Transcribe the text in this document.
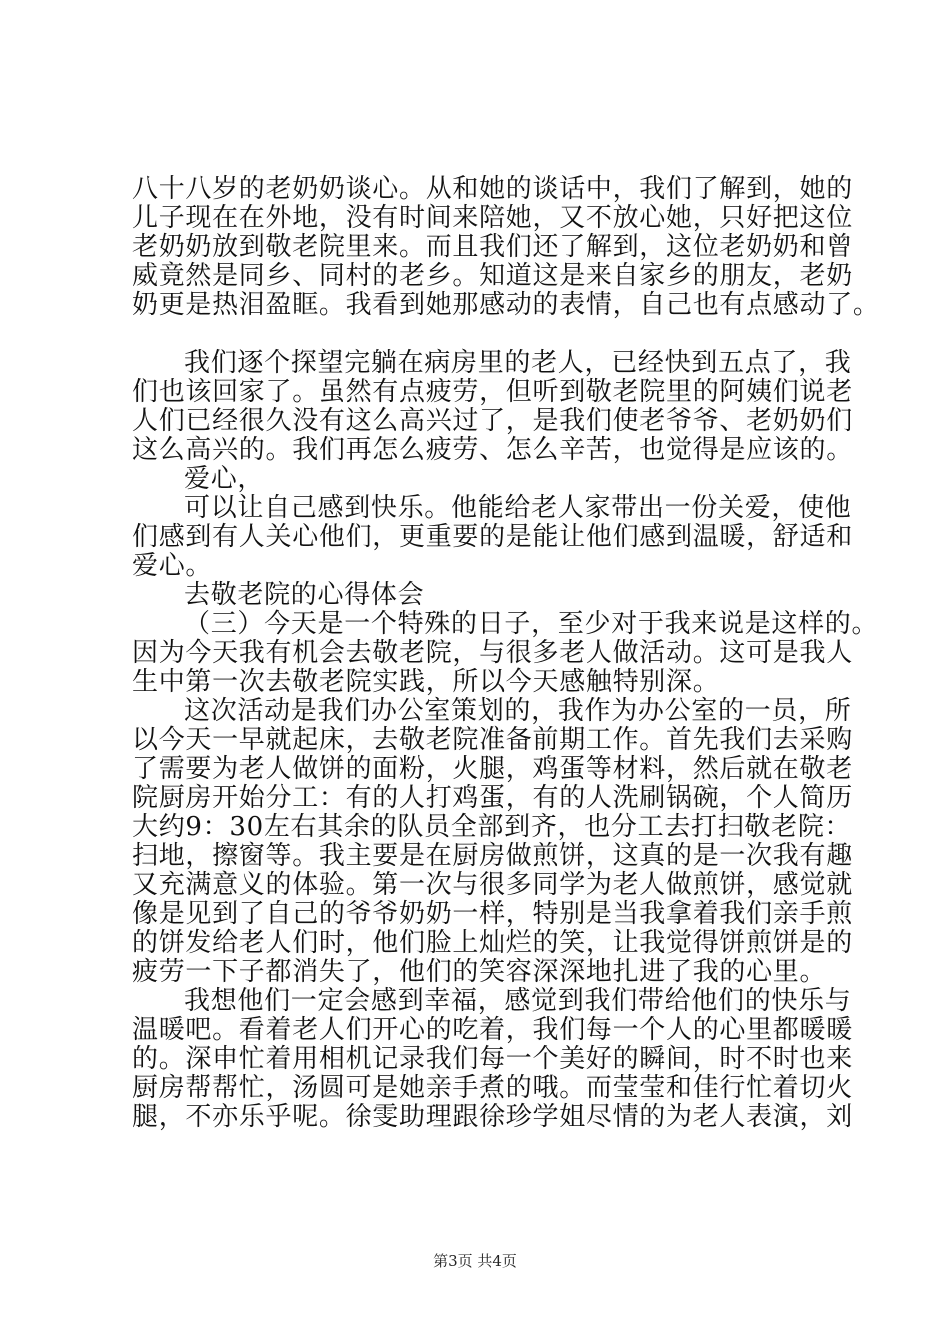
八十八岁的老奶奶谈心。从和她的谈话中，我们了解到，她的
儿子现在在外地，没有时间来陪她，又不放心她，只好把这位
老奶奶放到敬老院里来。而且我们还了解到，这位老奶奶和曾
威竟然是同乡、同村的老乡。知道这是来自家乡的朋友，老奶
奶更是热泪盈眶。我看到她那感动的表情，自己也有点感动了。
我们逐个探望完躺在病房里的老人，已经快到五点了，我
们也该回家了。虽然有点疲劳，但听到敬老院里的阿姨们说老
人们已经很久没有这么高兴过了，是我们使老爷爷、老奶奶们
这么高兴的。我们再怎么疲劳、怎么辛苦，也觉得是应该的。
爱心，
可以让自己感到快乐。他能给老人家带出一份关爱，使他
们感到有人关心他们，更重要的是能让他们感到温暖，舒适和
爱心。
去敬老院的心得体会
（三）今天是一个特殊的日子，至少对于我来说是这样的。
因为今天我有机会去敬老院，与很多老人做活动。这可是我人
生中第一次去敬老院实践，所以今天感触特别深。
这次活动是我们办公室策划的，我作为办公室的一员，所
以今天一早就起床，去敬老院准备前期工作。首先我们去采购
了需要为老人做饼的面粉，火腿，鸡蛋等材料，然后就在敬老
院厨房开始分工：有的人打鸡蛋，有的人洗刷锅碗，个人简历
大约9：30左右其余的队员全部到齐，也分工去打扫敬老院：
扫地，擦窗等。我主要是在厨房做煎饼，这真的是一次我有趣
又充满意义的体验。第一次与很多同学为老人做煎饼，感觉就
像是见到了自己的爷爷奶奶一样，特别是当我拿着我们亲手煎
的饼发给老人们时，他们脸上灿烂的笑，让我觉得饼煎饼是的
疲劳一下子都消失了，他们的笑容深深地扎进了我的心里。
我想他们一定会感到幸福，感觉到我们带给他们的快乐与
温暖吧。看着老人们开心的吃着，我们每一个人的心里都暖暖
的。深申忙着用相机记录我们每一个美好的瞬间，时不时也来
厨房帮帮忙，汤圆可是她亲手煮的哦。而莹莹和佳行忙着切火
腿，不亦乐乎呢。徐雯助理跟徐珍学姐尽情的为老人表演，刘
第3页 共4页
